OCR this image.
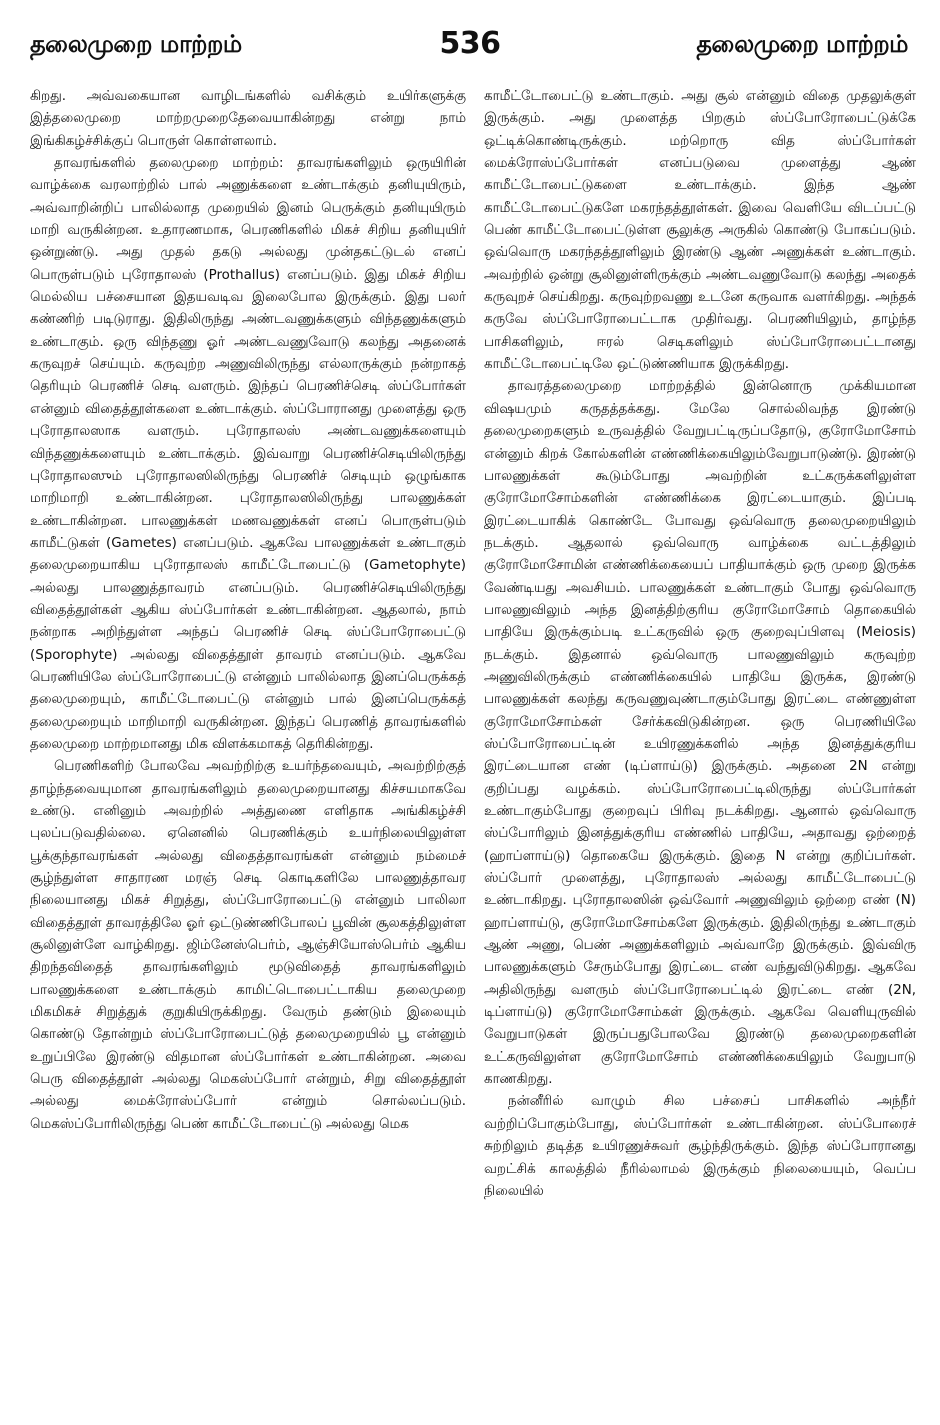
தலைமுறை மாற்றம்	536	தலைமுறை மாற்றம்

கிறது. அவ்வகையான வாழிடங்களில் வசிக்கும் உயிர்களுக்கு இத்தலைமுறை மாற்றமுறைதேவையாகின்றது என்று நாம் இங்கிகழ்ச்சிக்குப் பொருள் கொள்ளலாம்.

தாவரங்களில் தலைமுறை மாற்றம்: தாவரங்களிலும் ஒருயிரின் வாழ்க்கை வரலாற்றில் பால் அணுக்களை உண்டாக்கும் தனியுயிரும், அவ்வாறின்றிப் பாலில்லாத முறையில் இனம் பெருக்கும் தனியுயிரும் மாறி வருகின்றன. உதாரணமாக, பெரணிகளில் மிகச் சிறிய தனியுயிர் ஒன்றுண்டு. அது முதல் தகடு அல்லது முன்தகட்டுடல் எனப் பொருள்படும் புரோதாலஸ் (Prothallus) எனப்படும். இது மிகச் சிறிய மெல்லிய பச்சையான இதயவடிவ இலைபோல இருக்கும். இது பலர் கண்ணிற் படிடுராது. இதிலிருந்து அண்டவணுக்களும் விந்தணுக்களும் உண்டாகும். ஒரு விந்தணு ஓர் அண்டவணுவோடு கலந்து அதனைக் கருவுறச் செய்யும். கருவுற்ற அணுவிலிருந்து எல்லாருக்கும் நன்றாகத் தெரியும் பெரணிச் செடி வளரும். இந்தப் பெரணிச்செடி ஸ்ப்போர்கள் என்னும் விதைத்தூள்களை உண்டாக்கும். ஸ்ப்போரானது முளைத்து ஒரு புரோதாலஸாக வளரும். புரோதாலஸ் அண்டவணுக்களையும் விந்தணுக்களையும் உண்டாக்கும். இவ்வாறு பெரணிச்செடியிலிருந்து புரோதாலஸும் புரோதாலஸிலிருந்து பெரணிச் செடியும் ஒழுங்காக மாறிமாறி உண்டாகின்றன. புரோதாலஸிலிருந்து பாலணுக்கள் உண்டாகின்றன. பாலணுக்கள் மணவணுக்கள் எனப் பொருள்படும் காமீட்டுகள் (Gametes) எனப்படும். ஆகவே பாலணுக்கள் உண்டாகும் தலைமுறையாகிய புரோதாலஸ் காமீட்டோபைட்டு (Gametophyte) அல்லது பாலணுத்தாவரம் எனப்படும். பெரணிச்செடியிலிருந்து விதைத்தூள்கள் ஆகிய ஸ்ப்போர்கள் உண்டாகின்றன. ஆதலால், நாம் நன்றாக அறிந்துள்ள அந்தப் பெரணிச் செடி ஸ்ப்போரோபைட்டு (Sporophyte) அல்லது விதைத்தூள் தாவரம் எனப்படும். ஆகவே பெரணியிலே ஸ்ப்போரோபைட்டு என்னும் பாலில்லாத இனப்பெருக்கத் தலைமுறையும், காமீட்டோபைட்டு என்னும் பால் இனப்பெருக்கத் தலைமுறையும் மாறிமாறி வருகின்றன. இந்தப் பெரணித் தாவரங்களில் தலைமுறை மாற்றமானது மிக விளக்கமாகத் தெரிகின்றது.

பெரணிகளிற் போலவே அவற்றிற்கு உயர்ந்தவையும், அவற்றிற்குத் தாழ்ந்தவையுமான தாவரங்களிலும் தலைமுறையானது கிச்சயமாகவே உண்டு. எனினும் அவற்றில் அத்துணை எளிதாக அங்கிகழ்ச்சி புலப்படுவதில்லை. ஏனெனில் பெரணிக்கும் உயர்நிலையிலுள்ள பூக்குந்தாவரங்கள் அல்லது விதைத்தாவரங்கள் என்னும் நம்மைச் சூழ்ந்துள்ள சாதாரண மரஞ் செடி கொடிகளிலே பாலணுத்தாவர நிலையானது மிகச் சிறுத்து, ஸ்ப்போரோபைட்டு என்னும் பாலிலா விதைத்தூள் தாவரத்திலே ஓர் ஒட்டுண்ணிபோலப் பூவின் சூலகத்திலுள்ள சூலினுள்ளே வாழ்கிறது. ஜிம்னேஸ்பெர்ம், ஆஞ்சியோஸ்பெர்ம் ஆகிய திறந்தவிதைத் தாவரங்களிலும் மூடுவிதைத் தாவரங்களிலும் பாலணுக்களை உண்டாக்கும் காமிட்டொபைட்டாகிய தலைமுறை மிகமிகச் சிறுத்துக் குறுகியிருக்கிறது. வேரும் தண்டும் இலையும் கொண்டு தோன்றும் ஸ்ப்போரோபைட்டுத் தலைமுறையில் பூ என்னும் உறுப்பிலே இரண்டு விதமான ஸ்ப்போர்கள் உண்டாகின்றன. அவை பெரு விதைத்தூள் அல்லது மெகஸ்ப்போர் என்றும், சிறு விதைத்தூள் அல்லது மைக்ரோஸ்ப்போர் என்றும் சொல்லப்படும். மெகஸ்ப்போரிலிருந்து பெண் காமீட்டோபைட்டு அல்லது மெக

காமீட்டோபைட்டு உண்டாகும். அது சூல் என்னும் விதை முதலுக்குள் இருக்கும். அது முளைத்த பிறகும் ஸ்ப்போரோபைட்டுக்கே ஒட்டிக்கொண்டிருக்கும். மற்றொரு வித ஸ்ப்போர்கள் மைக்ரோஸ்ப்போர்கள் எனப்படுவை முளைத்து ஆண் காமீட்டோபைட்டுகளை உண்டாக்கும். இந்த ஆண் காமீட்டோபைட்டுகளே மகரந்தத்தூள்கள். இவை வெளியே விடப்பட்டு பெண் காமீட்டோபைட்டுள்ள சூலுக்கு அருகில் கொண்டு போகப்படும். ஒவ்வொரு மகரந்தத்தூளிலும் இரண்டு ஆண் அணுக்கள் உண்டாகும். அவற்றில் ஒன்று சூலினுள்ளிருக்கும் அண்டவணுவோடு கலந்து அதைக் கருவுறச் செய்கிறது. கருவுற்றவணு உடனே கருவாக வளர்கிறது. அந்தக் கருவே ஸ்ப்போரோபைட்டாக முதிர்வது. பெரணியிலும், தாழ்ந்த பாசிகளிலும், ஈரல் செடிகளிலும் ஸ்ப்போரோபைட்டானது காமீட்டோபைட்டிலே ஒட்டுண்ணியாக இருக்கிறது.

தாவரத்தலைமுறை மாற்றத்தில் இன்னொரு முக்கியமான விஷயமும் கருதத்தக்கது. மேலே சொல்லிவந்த இரண்டு தலைமுறைகளும் உருவத்தில் வேறுபட்டிருப்பதோடு, குரோமோசோம் என்னும் கிறக் கோல்களின் எண்ணிக்கையிலும்வேறுபாடுண்டு. இரண்டு பாலணுக்கள் கூடும்போது அவற்றின் உட்கருக்களிலுள்ள குரோமோசோம்களின் எண்ணிக்கை இரட்டையாகும். இப்படி இரட்டையாகிக் கொண்டே போவது ஒவ்வொரு தலைமுறையிலும் நடக்கும். ஆதலால் ஒவ்வொரு வாழ்க்கை வட்டத்திலும் குரோமோசோமின் எண்ணிக்கையைப் பாதியாக்கும் ஒரு முறை இருக்க வேண்டியது அவசியம். பாலணுக்கள் உண்டாகும் போது ஒவ்வொரு பாலணுவிலும் அந்த இனத்திற்குரிய குரோமோசோம் தொகையில் பாதியே இருக்கும்படி உட்கருவில் ஒரு குறைவுப்பிளவு (Meiosis) நடக்கும். இதனால் ஒவ்வொரு பாலணுவிலும் கருவுற்ற அணுவிலிருக்கும் எண்ணிக்கையில் பாதியே இருக்க, இரண்டு பாலணுக்கள் கலந்து கருவணுவுண்டாகும்போது இரட்டை எண்ணுள்ள குரோமோசோம்கள் சேர்க்கவிடுகின்றன. ஒரு பெரணியிலே ஸ்ப்போரோபைட்டின் உயிரணுக்களில் அந்த இனத்துக்குரிய இரட்டையான எண் (டிப்ளாய்டு) இருக்கும். அதனை 2N என்று குறிப்பது வழக்கம். ஸ்ப்போரோபைட்டிலிருந்து ஸ்ப்போர்கள் உண்டாகும்போது குறைவுப் பிரிவு நடக்கிறது. ஆனால் ஒவ்வொரு ஸ்ப்போரிலும் இனத்துக்குரிய எண்ணில் பாதியே, அதாவது ஒற்றைத் (ஹாப்ளாய்டு) தொகையே இருக்கும். இதை N என்று குறிப்பர்கள். ஸ்ப்போர் முளைத்து, புரோதாலஸ் அல்லது காமீட்டோபைட்டு உண்டாகிறது. புரோதாலஸின் ஒவ்வோர் அணுவிலும் ஒற்றை எண் (N) ஹாப்ளாய்டு, குரோமோசோம்களே இருக்கும். இதிலிருந்து உண்டாகும் ஆண் அணு, பெண் அணுக்களிலும் அவ்வாறே இருக்கும். இவ்விரு பாலணுக்களும் சேரும்போது இரட்டை எண் வந்துவிடுகிறது. ஆகவே அதிலிருந்து வளரும் ஸ்ப்போரோபைட்டில் இரட்டை எண் (2N, டிப்ளாய்டு) குரோமோசோம்கள் இருக்கும். ஆகவே வெளியுருவில் வேறுபாடுகள் இருப்பதுபோலவே இரண்டு தலைமுறைகளின் உட்கருவிலுள்ள குரோமோசோம் எண்ணிக்கையிலும் வேறுபாடு காணகிறது.

நன்னீரில் வாழும் சில பச்சைப் பாசிகளில் அந்நீர் வற்றிப்போகும்போது, ஸ்ப்போர்கள் உண்டாகின்றன. ஸ்ப்போரைச் சுற்றிலும் தடித்த உயிரணுச்சுவர் சூழ்ந்திருக்கும். இந்த ஸ்ப்போரானது வறட்சிக் காலத்தில் நீரில்லாமல் இருக்கும் நிலையையும், வெப்ப நிலையில்
